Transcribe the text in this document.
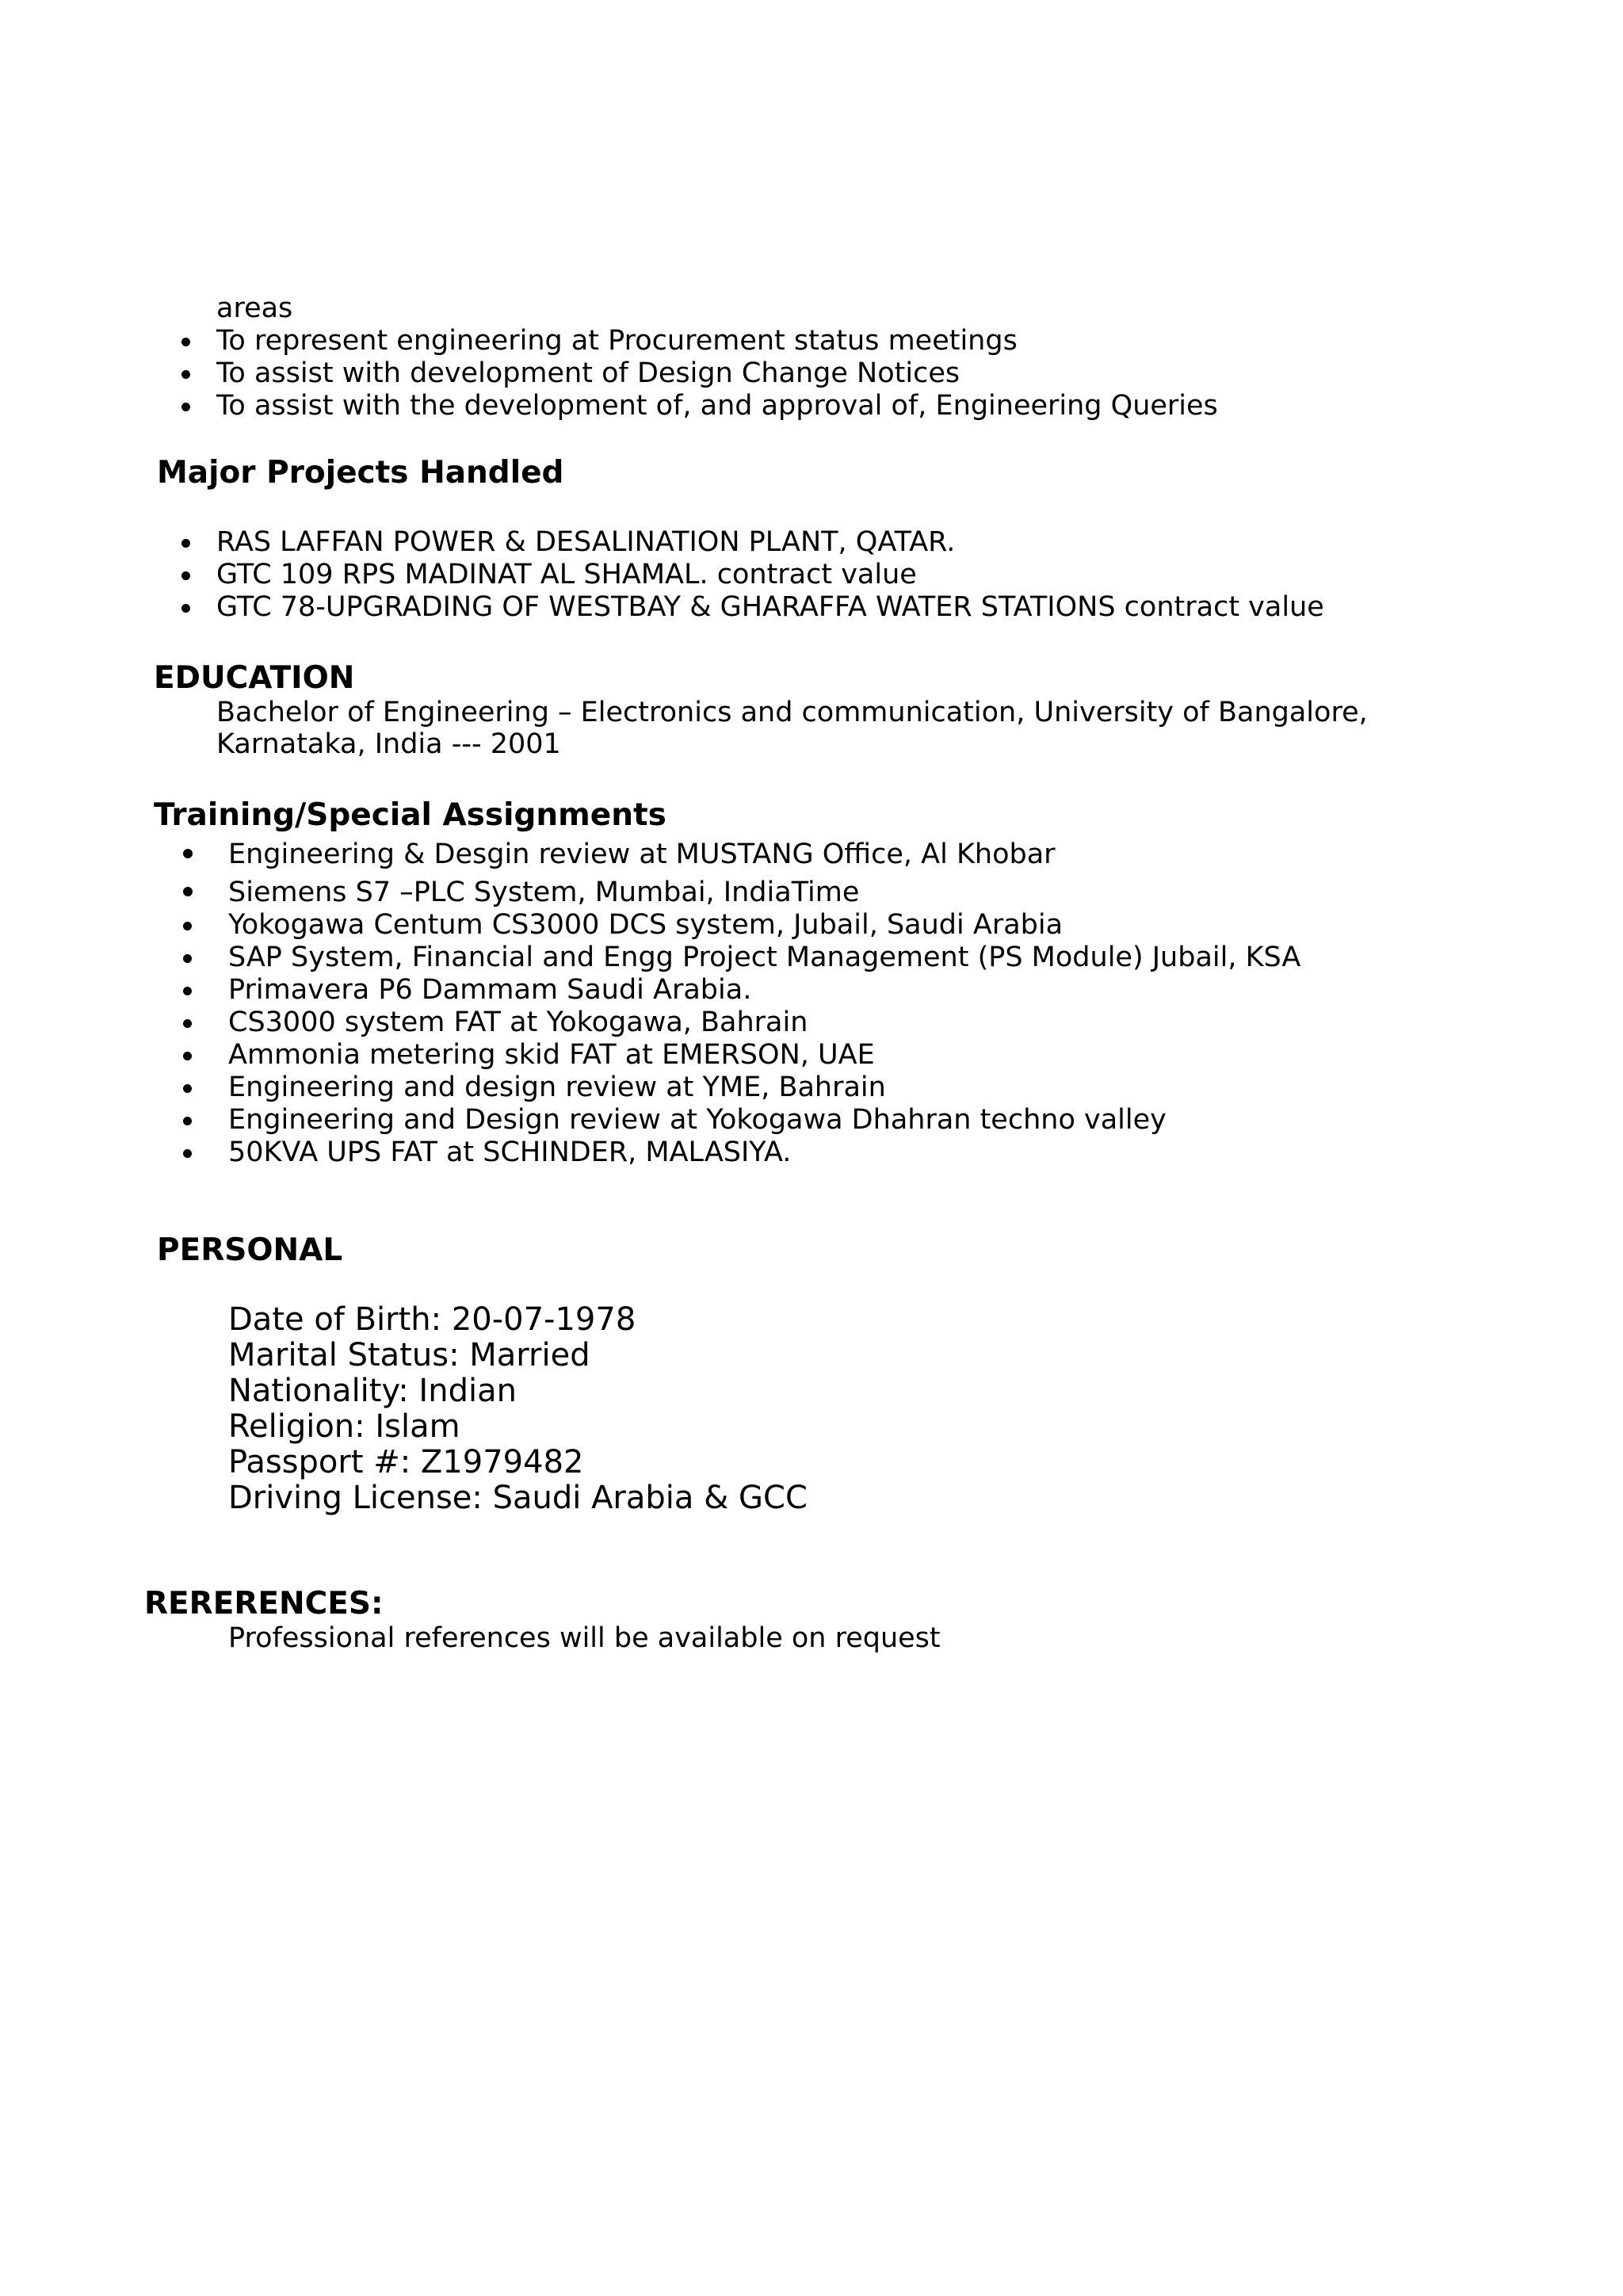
areas
To represent engineering at Procurement status meetings
To assist with development of Design Change Notices
To assist with the development of, and approval of, Engineering Queries
Major Projects Handled
RAS LAFFAN POWER & DESALINATION PLANT, QATAR.
GTC 109 RPS MADINAT AL SHAMAL. contract value
GTC 78-UPGRADING OF WESTBAY & GHARAFFA WATER STATIONS contract value
EDUCATION
Bachelor of Engineering – Electronics and communication, University of Bangalore,
Karnataka, India --- 2001
Training/Special Assignments
Engineering & Desgin review at MUSTANG Office, Al Khobar
Siemens S7 –PLC System, Mumbai, IndiaTime
Yokogawa Centum CS3000 DCS system, Jubail, Saudi Arabia
SAP System, Financial and Engg Project Management (PS Module) Jubail, KSA
Primavera P6 Dammam Saudi Arabia.
CS3000 system FAT at Yokogawa, Bahrain
Ammonia metering skid FAT at EMERSON, UAE
Engineering and design review at YME, Bahrain
Engineering and Design review at Yokogawa Dhahran techno valley
50KVA UPS FAT at SCHINDER, MALASIYA.
PERSONAL
Date of Birth: 20-07-1978
Marital Status: Married
Nationality: Indian
Religion: Islam
Passport #: Z1979482
Driving License: Saudi Arabia & GCC
RERERENCES:
Professional references will be available on request
